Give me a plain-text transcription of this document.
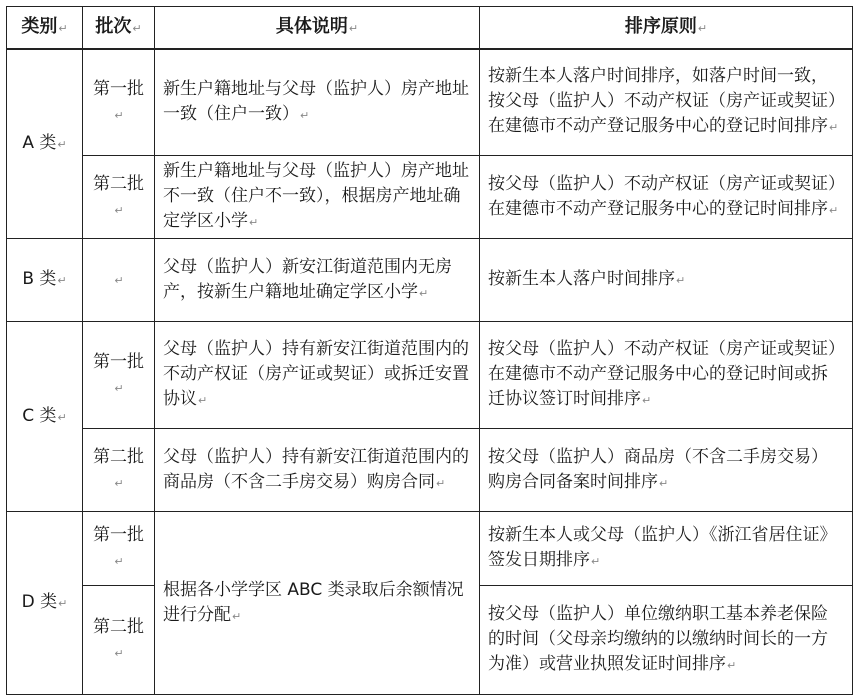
类别↵	批次↵	具体说明↵	排序原则↵
A 类↵	第一批↵	新生户籍地址与父母（监护人）房产地址一致（住户一致）↵	按新生本人落户时间排序，如落户时间一致，按父母（监护人）不动产权证（房产证或契证）在建德市不动产登记服务中心的登记时间排序↵
	第二批↵	新生户籍地址与父母（监护人）房产地址不一致（住户不一致），根据房产地址确定学区小学↵	按父母（监护人）不动产权证（房产证或契证）在建德市不动产登记服务中心的登记时间排序↵
B 类↵	↵	父母（监护人）新安江街道范围内无房产，按新生户籍地址确定学区小学↵	按新生本人落户时间排序↵
C 类↵	第一批↵	父母（监护人）持有新安江街道范围内的不动产权证（房产证或契证）或拆迁安置协议↵	按父母（监护人）不动产权证（房产证或契证）在建德市不动产登记服务中心的登记时间或拆迁协议签订时间排序↵
	第二批↵	父母（监护人）持有新安江街道范围内的商品房（不含二手房交易）购房合同↵	按父母（监护人）商品房（不含二手房交易）购房合同备案时间排序↵
D 类↵	第一批↵	根据各小学学区 ABC 类录取后余额情况进行分配↵	按新生本人或父母（监护人）《浙江省居住证》签发日期排序↵
	第二批↵		按父母（监护人）单位缴纳职工基本养老保险的时间（父母亲均缴纳的以缴纳时间长的一方为准）或营业执照发证时间排序↵
